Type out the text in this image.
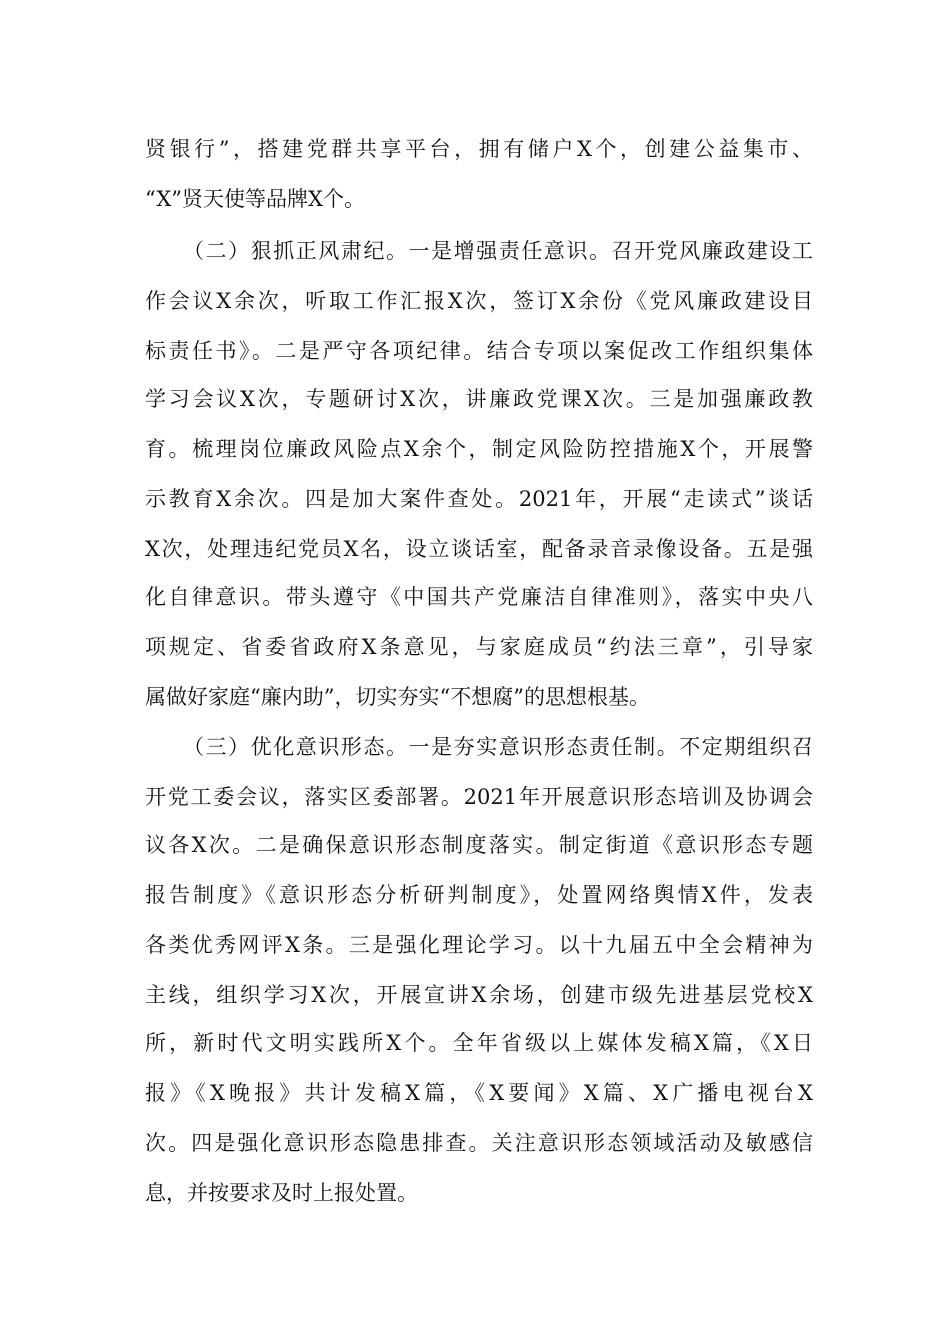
贤银行”，搭建党群共享平台，拥有储户X个，创建公益集市、
“X”贤天使等品牌X个。
（二）狠抓正风肃纪。一是增强责任意识。召开党风廉政建设工
作会议X余次，听取工作汇报X次，签订X余份《党风廉政建设目
标责任书》。二是严守各项纪律。结合专项以案促改工作组织集体
学习会议X次，专题研讨X次，讲廉政党课X次。三是加强廉政教
育。梳理岗位廉政风险点X余个，制定风险防控措施X个，开展警
示教育X余次。四是加大案件查处。2021年，开展“走读式”谈话
X次，处理违纪党员X名，设立谈话室，配备录音录像设备。五是强
化自律意识。带头遵守《中国共产党廉洁自律准则》，落实中央八
项规定、省委省政府X条意见，与家庭成员“约法三章”，引导家
属做好家庭“廉内助”，切实夯实“不想腐”的思想根基。
（三）优化意识形态。一是夯实意识形态责任制。不定期组织召
开党工委会议，落实区委部署。2021年开展意识形态培训及协调会
议各X次。二是确保意识形态制度落实。制定街道《意识形态专题
报告制度》《意识形态分析研判制度》，处置网络舆情X件，发表
各类优秀网评X条。三是强化理论学习。以十九届五中全会精神为
主线，组织学习X次，开展宣讲X余场，创建市级先进基层党校X
所，新时代文明实践所X个。全年省级以上媒体发稿X篇，《X日
报》《X晚报》共计发稿X篇，《X要闻》X篇、X广播电视台X
次。四是强化意识形态隐患排查。关注意识形态领域活动及敏感信
息，并按要求及时上报处置。
